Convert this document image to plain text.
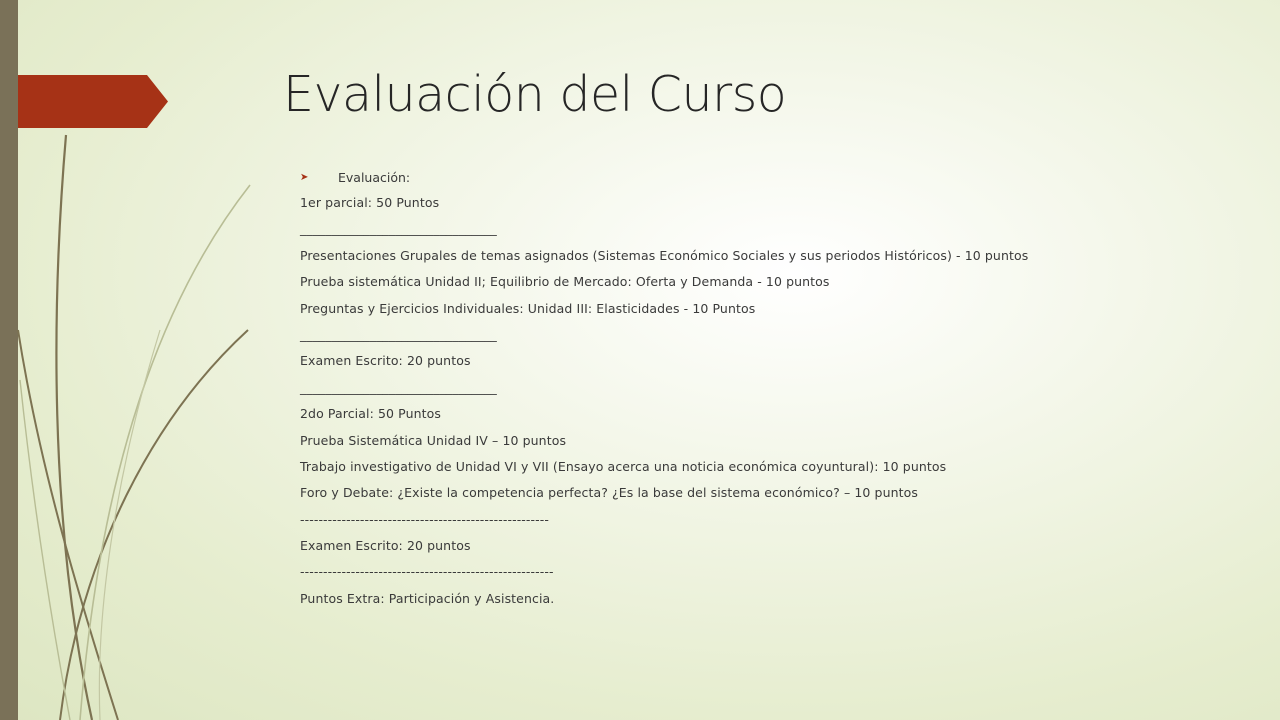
Evaluación del Curso
➤	Evaluación:
1er parcial: 50 Puntos
_______________________________
Presentaciones Grupales de temas asignados (Sistemas Económico Sociales y sus periodos Históricos) - 10 puntos
Prueba sistemática Unidad II; Equilibrio de Mercado: Oferta y Demanda - 10 puntos
Preguntas y Ejercicios Individuales: Unidad III: Elasticidades - 10 Puntos
_______________________________
Examen Escrito: 20 puntos
_______________________________
2do Parcial: 50 Puntos
Prueba Sistemática Unidad IV – 10 puntos
Trabajo investigativo de Unidad VI y VII (Ensayo acerca una noticia económica coyuntural): 10 puntos
Foro y Debate: ¿Existe la competencia perfecta? ¿Es la base del sistema económico? – 10 puntos
------------------------------------------------------
Examen Escrito: 20 puntos
-------------------------------------------------------
Puntos Extra: Participación y Asistencia.
